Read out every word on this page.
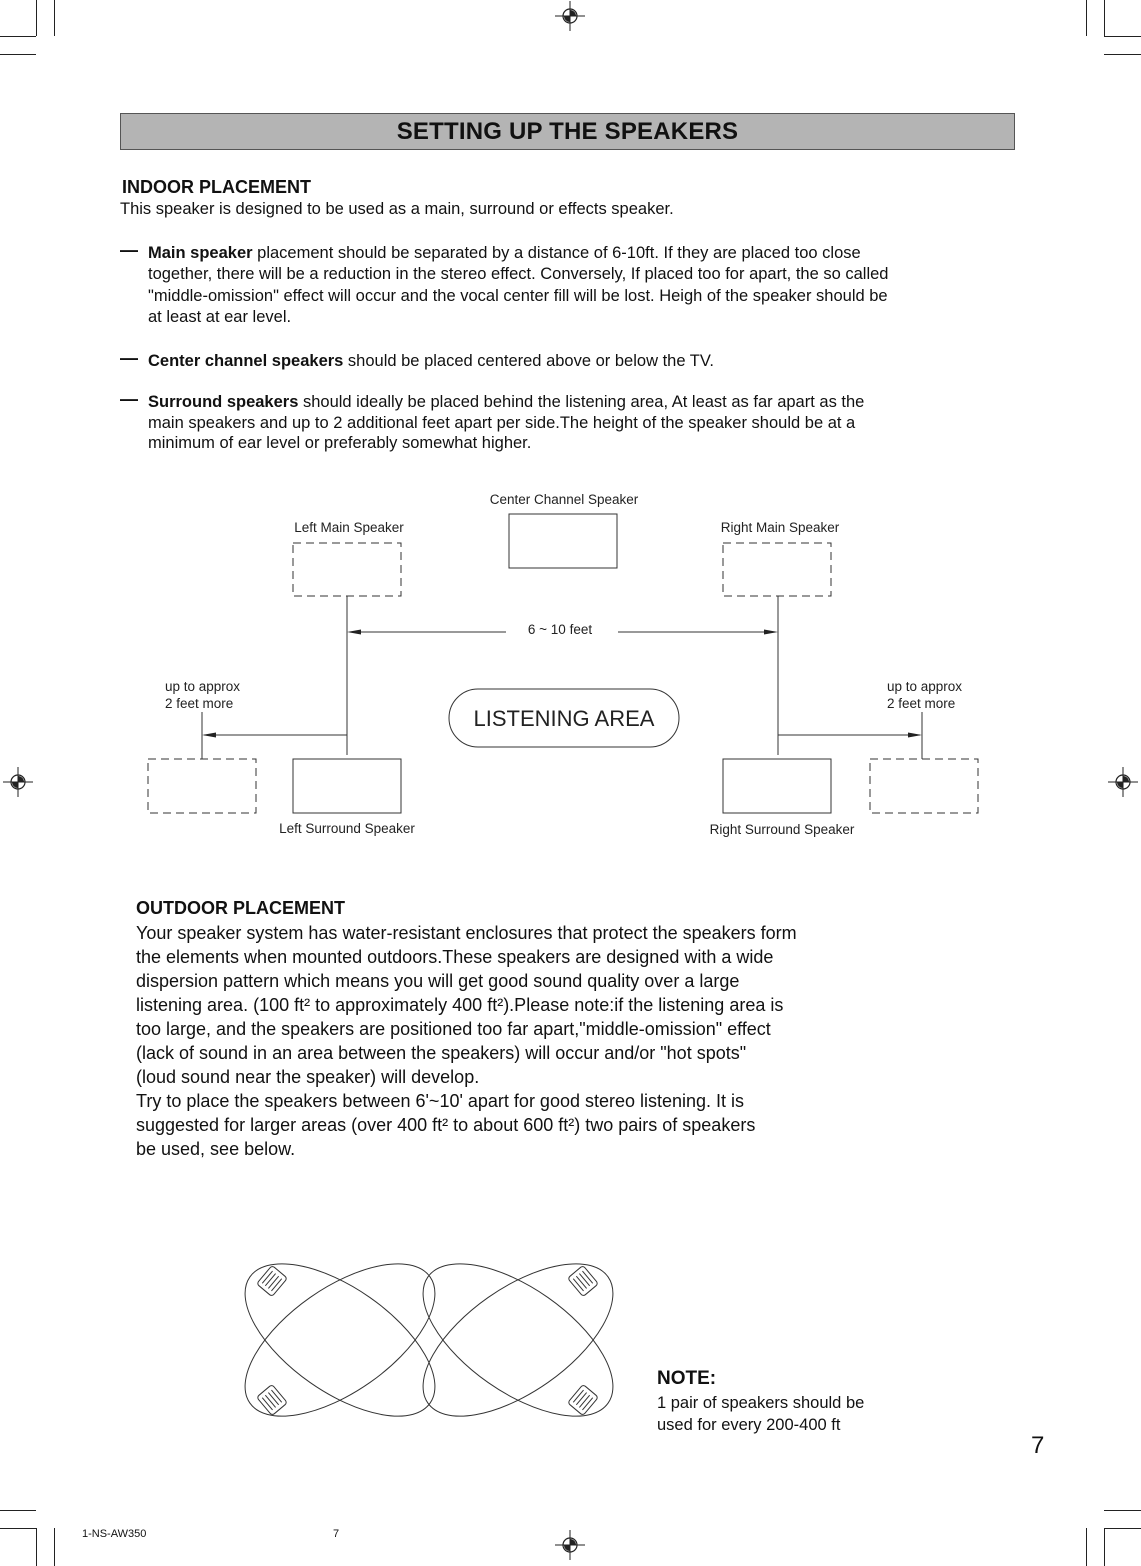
SETTING UP THE SPEAKERS
INDOOR PLACEMENT
This speaker is designed to be used as a main, surround or effects speaker.
— Main speaker placement should be separated by a distance of 6-10ft. If they are placed too close
together, there will be a reduction in the stereo effect. Conversely, If placed too for apart, the so called
"middle-omission" effect will occur and the vocal center fill will be lost. Heigh of the speaker should be
at least at ear level.
— Center channel speakers should be placed centered above or below the TV.
— Surround speakers should ideally be placed behind the listening area, At least as far apart as the
main speakers and up to 2 additional feet apart per side.The height of the speaker should be at a
minimum of ear level or preferably somewhat higher.
Center Channel Speaker
Left Main Speaker	Right Main Speaker
6 ~ 10 feet
up to approx
2 feet more
up to approx
2 feet more
Left Surround Speaker	Right Surround Speaker
LISTENING AREA
OUTDOOR PLACEMENT

Your speaker system has water-resistant enclosures that protect the speakers form

the elements when mounted outdoors.These speakers are designed with a wide

dispersion pattern which means you will get good sound quality over a large

listening area. (100 ft² to approximately 400 ft²).Please note:if the listening area is

too large, and the speakers are positioned too far apart,"middle-omission" effect

(lack of sound in an area between the speakers) will occur and/or "hot spots"

(loud sound near the speaker) will develop.

Try to place the speakers between 6'~10' apart for good stereo listening. It is

suggested for larger areas (over 400 ft² to about 600 ft²) two pairs of speakers

be used, see below.

NOTE:
1 pair of speakers should be
used for every 200-400 ft
7
1-NS-AW350	7
